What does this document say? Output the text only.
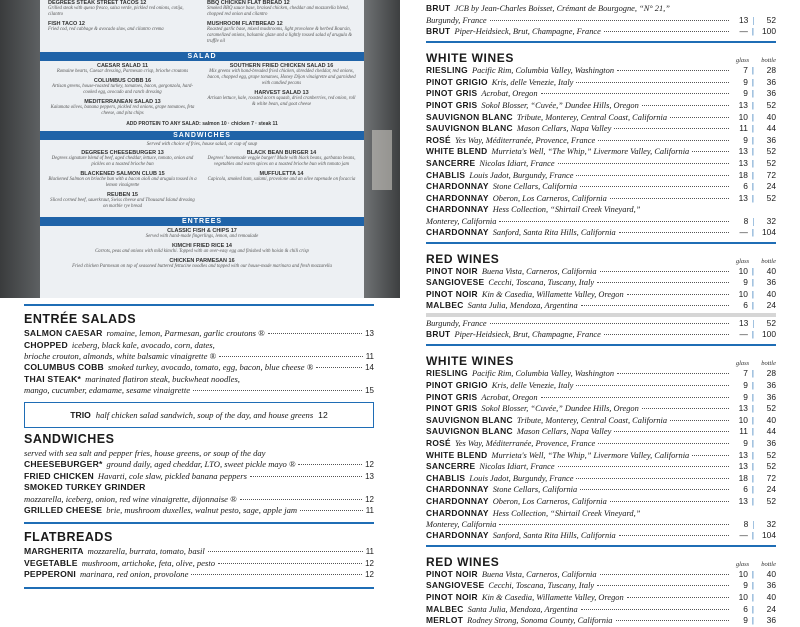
DEGREES STEAK STREET TACOS 12
Grilled steak with queso fresco, salsa verde, pickled red onions, cotija, cilantro
FISH TACO 12
Fried cod, red cabbage & avocado slaw, and cilantro crema
BBQ CHICKEN FLAT BREAD 12
Smoked BBQ sauce base, braised chicken, cheddar and mozzarella blend, chopped red onion and cilantro
MUSHROOM FLATBREAD 12
Roasted garlic base, mixed mushrooms, light provolone & herbed Boursin, caramelized onions, balsamic glaze and a lightly tossed salad of arugula & truffle oil
SALAD
CAESAR SALAD 11
Romaine hearts, Caesar dressing, Parmesan crisp, brioche croutons
COLUMBUS COBB 16
Artisan greens, house-roasted turkey, tomatoes, bacon, gorgonzola, hard-cooked egg, avocado and ranch dressing
MEDITERRANEAN SALAD 13
Kalamata olives, banana peppers, pickled red onions, grape tomatoes, feta cheese, and pita chips
SOUTHERN FRIED CHICKEN SALAD 16
Mix greens with hand-breaded fried chicken, shredded cheddar, red onions, bacon, chopped egg, grape tomatoes, Honey Dijon vinaigrette and garnished with candied pecans
HARVEST SALAD 13
Artisan lettuce, kale, roasted acorn squash, dried cranberries, red onion, roll & white bean, and goat cheese
ADD PROTEIN TO ANY SALAD: salmon 10 · chicken 7 · steak 11
SANDWICHES
Served with choice of fries, house salad, or cup of soup
DEGREES CHEESEBURGER 13
Degrees signature blend of beef, aged cheddar, lettuce, tomato, onion and pickles on a toasted brioche bun
BLACKENED SALMON CLUB 15
Blackened Salmon on brioche bun with a bacon aioli and arugula tossed in a lemon vinaigrette
REUBEN 15
Sliced corned beef, sauerkraut, Swiss cheese and Thousand Island dressing on marble rye bread
BLACK BEAN BURGER 14
Degrees' homemade veggie burger! Made with black beans, garbanzo beans, vegetables and warm spices on a toasted brioche bun with tomato jam
MUFFULETTA 14
Capicola, smoked ham, salami, provolone and an olive tapenade on focaccia
ENTREES
CLASSIC FISH & CHIPS 17
Served with hand-made fingerlings, lemon, and remoulade
KIMCHI FRIED RICE 14
Carrots, peas and onions with mild kimchi. Topped with an over-easy egg and finished with hoisin & chili crisp
CHICKEN PARMESAN 16
Fried chicken Parmesan on top of seasoned buttered fettucine noodles and topped with our house-made marinara and fresh mozzarella
ENTRÉE SALADS
SALMON CAESAR romaine, lemon, Parmesan, garlic croutons ®	13
CHOPPED iceberg, black kale, avocado, corn, dates,
brioche crouton, almonds, white balsamic vinaigrette ®	11
COLUMBUS COBB smoked turkey, avocado, tomato, egg, bacon, blue cheese ®	14
THAI STEAK* marinated flatiron steak, buckwheat noodles,
mango, cucumber, edamame, sesame vinaigrette	15
TRIO half chicken salad sandwich, soup of the day, and house greens 12
SANDWICHES
served with sea salt and pepper fries, house greens, or soup of the day
CHEESEBURGER* ground daily, aged cheddar, LTO, sweet pickle mayo ®	12
FRIED CHICKEN Havarti, cole slaw, pickled banana peppers	13
SMOKED TURKEY GRINDER
mozzarella, iceberg, onion, red wine vinaigrette, dijonnaise ®	12
GRILLED CHEESE brie, mushroom duxelles, walnut pesto, sage, apple jam	11
FLATBREADS
MARGHERITA mozzarella, burrata, tomato, basil	11
VEGETABLE mushroom, artichoke, feta, olive, pesto	12
PEPPERONI marinara, red onion, provolone	12
BRUT JCB by Jean-Charles Boisset, Crémant de Bourgogne, “N° 21,”
Burgundy, France	13 |	52
BRUT Piper-Heidsieck, Brut, Champagne, France	— | 100
WHITE WINES	glass bottle
RIESLING Pacific Rim, Columbia Valley, Washington	7 |	28
PINOT GRIGIO Kris, delle Venezie, Italy	9 |	36
PINOT GRIS Acrobat, Oregon	9 |	36
PINOT GRIS Sokol Blosser, “Cuvée,” Dundee Hills, Oregon	13 |	52
SAUVIGNON BLANC Tribute, Monterey, Central Coast, California	10 |	40
SAUVIGNON BLANC Mason Cellars, Napa Valley	11 |	44
ROSÉ Yes Way, Méditerranée, Provence, France	9 |	36
WHITE BLEND Murrieta's Well, “The Whip,” Livermore Valley, California	13 |	52
SANCERRE Nicolas Idiart, France	13 |	52
CHABLIS Louis Jadot, Burgundy, France	18 |	72
CHARDONNAY Stone Cellars, California	6 |	24
CHARDONNAY Oberon, Los Carneros, California	13 |	52
CHARDONNAY Hess Collection, “Shirtail Creek Vineyard,”
Monterey, California	8 |	32
CHARDONNAY Sanford, Santa Rita Hills, California	— | 104
RED WINES	glass bottle
PINOT NOIR Buena Vista, Carneros, California	10 |	40
SANGIOVESE Cecchi, Toscana, Tuscany, Italy	9 |	36
PINOT NOIR Kin & Casedia, Willamette Valley, Oregon	10 |	40
MALBEC Santa Julia, Mendoza, Argentina	6 |	24
Burgundy, France	13 |	52
BRUT Piper-Heidsieck, Brut, Champagne, France	— | 100
WHITE WINES	glass bottle
RIESLING Pacific Rim, Columbia Valley, Washington	7 |	28
PINOT GRIGIO Kris, delle Venezie, Italy	9 |	36
PINOT GRIS Acrobat, Oregon	9 |	36
PINOT GRIS Sokol Blosser, “Cuvée,” Dundee Hills, Oregon	13 |	52
SAUVIGNON BLANC Tribute, Monterey, Central Coast, California	10 |	40
SAUVIGNON BLANC Mason Cellars, Napa Valley	11 |	44
ROSÉ Yes Way, Méditerranée, Provence, France	9 |	36
WHITE BLEND Murrieta's Well, “The Whip,” Livermore Valley, California	13 |	52
SANCERRE Nicolas Idiart, France	13 |	52
CHABLIS Louis Jadot, Burgundy, France	18 |	72
CHARDONNAY Stone Cellars, California	6 |	24
CHARDONNAY Oberon, Los Carneros, California	13 |	52
CHARDONNAY Hess Collection, “Shirtail Creek Vineyard,”
Monterey, California	8 |	32
CHARDONNAY Sanford, Santa Rita Hills, California	— | 104
RED WINES	glass bottle
PINOT NOIR Buena Vista, Carneros, California	10 |	40
SANGIOVESE Cecchi, Toscana, Tuscany, Italy	9 |	36
PINOT NOIR Kin & Casedia, Willamette Valley, Oregon	10 |	40
MALBEC Santa Julia, Mendoza, Argentina	6 |	24
MERLOT Rodney Strong, Sonoma County, California	9 |	36
